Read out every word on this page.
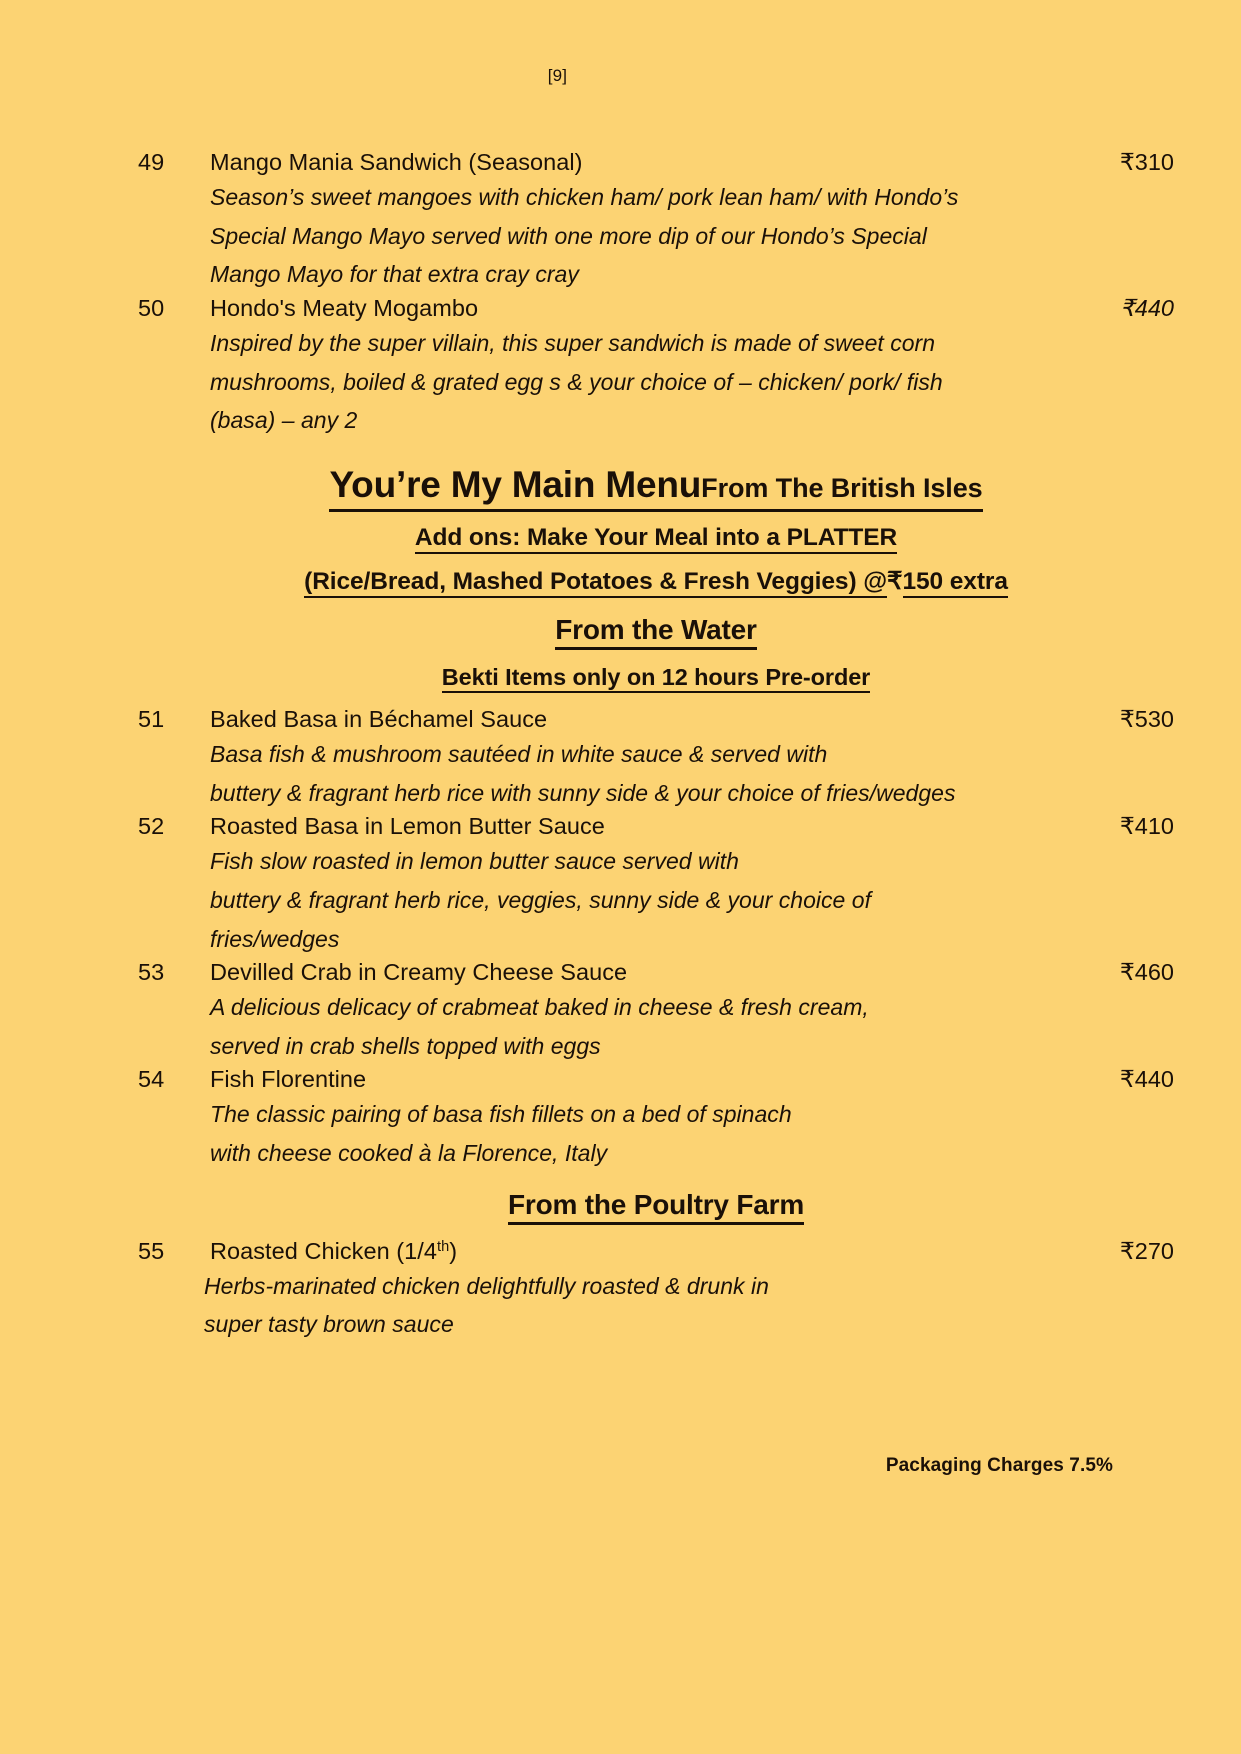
[9]
49	Mango Mania Sandwich (Seasonal)	₹310
Season’s sweet mangoes with chicken ham/ pork lean ham/ with Hondo’s
Special Mango Mayo served with one more dip of our Hondo’s Special
Mango Mayo for that extra cray cray
50	Hondo's Meaty Mogambo	₹440
Inspired by the super villain, this super sandwich is made of sweet corn
mushrooms, boiled & grated egg s & your choice of – chicken/ pork/ fish
(basa) – any 2
You’re My Main MenuFrom The British Isles
Add ons: Make Your Meal into a PLATTER
(Rice/Bread, Mashed Potatoes & Fresh Veggies) @₹150 extra
From the Water
Bekti Items only on 12 hours Pre-order
51	Baked Basa in Béchamel Sauce	₹530
Basa fish & mushroom sautéed in white sauce & served with
buttery & fragrant herb rice with sunny side & your choice of fries/wedges
52	Roasted Basa in Lemon Butter Sauce	₹410
Fish slow roasted in lemon butter sauce served with
buttery & fragrant herb rice, veggies, sunny side & your choice of
fries/wedges
53	Devilled Crab in Creamy Cheese Sauce	₹460
A delicious delicacy of crabmeat baked in cheese & fresh cream,
served in crab shells topped with eggs
54	Fish Florentine	₹440
The classic pairing of basa fish fillets on a bed of spinach
with cheese cooked à la Florence, Italy
From the Poultry Farm
55	Roasted Chicken (1/4th)	₹270
Herbs-marinated chicken delightfully roasted & drunk in
super tasty brown sauce
Packaging Charges 7.5%
